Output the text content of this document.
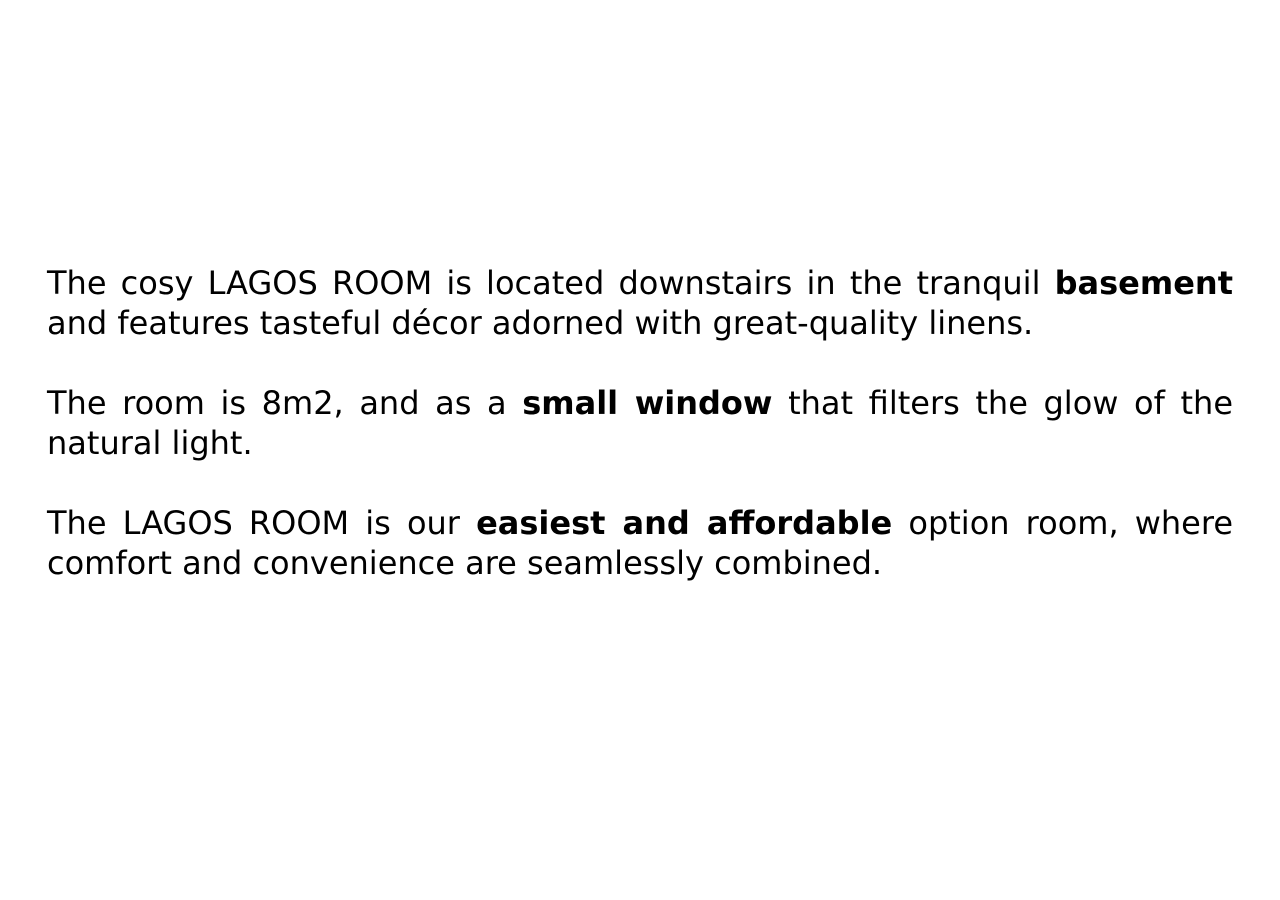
The cosy LAGOS ROOM is located downstairs in the tranquil basement and features tasteful décor adorned with great-quality linens.

The room is 8m2, and as a small window that filters the glow of the natural light.

The LAGOS ROOM is our easiest and affordable option room, where comfort and convenience are seamlessly combined.
